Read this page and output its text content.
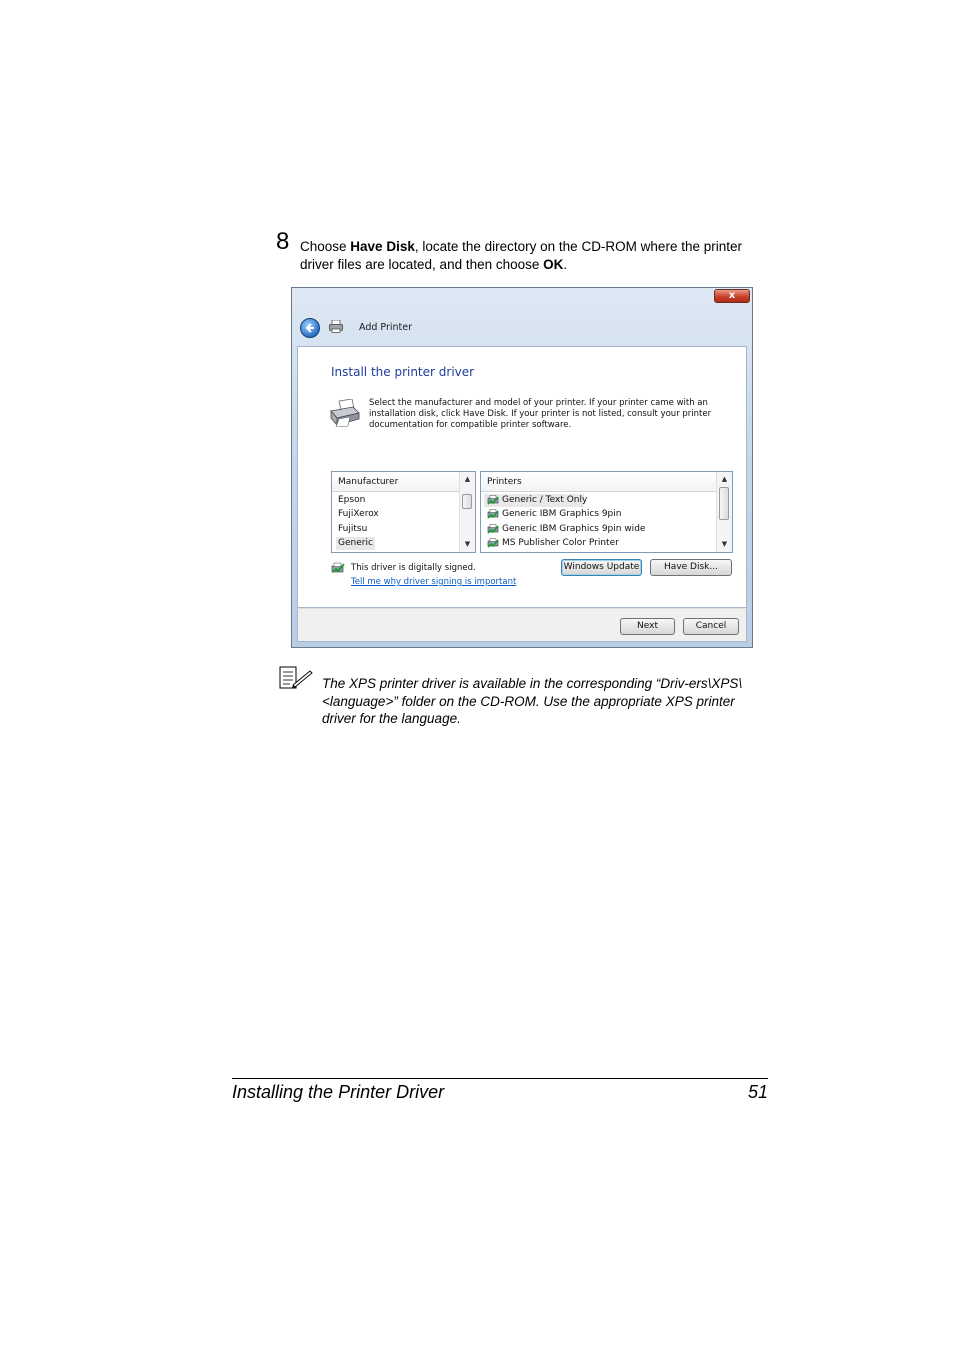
8 Choose Have Disk, locate the directory on the CD-ROM where the printer driver files are located, and then choose OK.
x
Add Printer
Install the printer driver
Select the manufacturer and model of your printer. If your printer came with an installation disk, click Have Disk. If your printer is not listed, consult your printer documentation for compatible printer software.
Manufacturer
Epson
FujiXerox
Fujitsu
Generic
▲
▼
Printers
Generic / Text Only
Generic IBM Graphics 9pin
Generic IBM Graphics 9pin wide
MS Publisher Color Printer
▲
▼
This driver is digitally signed.
Tell me why driver signing is important
Windows Update	Have Disk...
Next	Cancel
The XPS printer driver is available in the corresponding “Driv-ers\XPS\<language>” folder on the CD-ROM. Use the appropriate XPS printer driver for the language.
Installing the Printer Driver	51
